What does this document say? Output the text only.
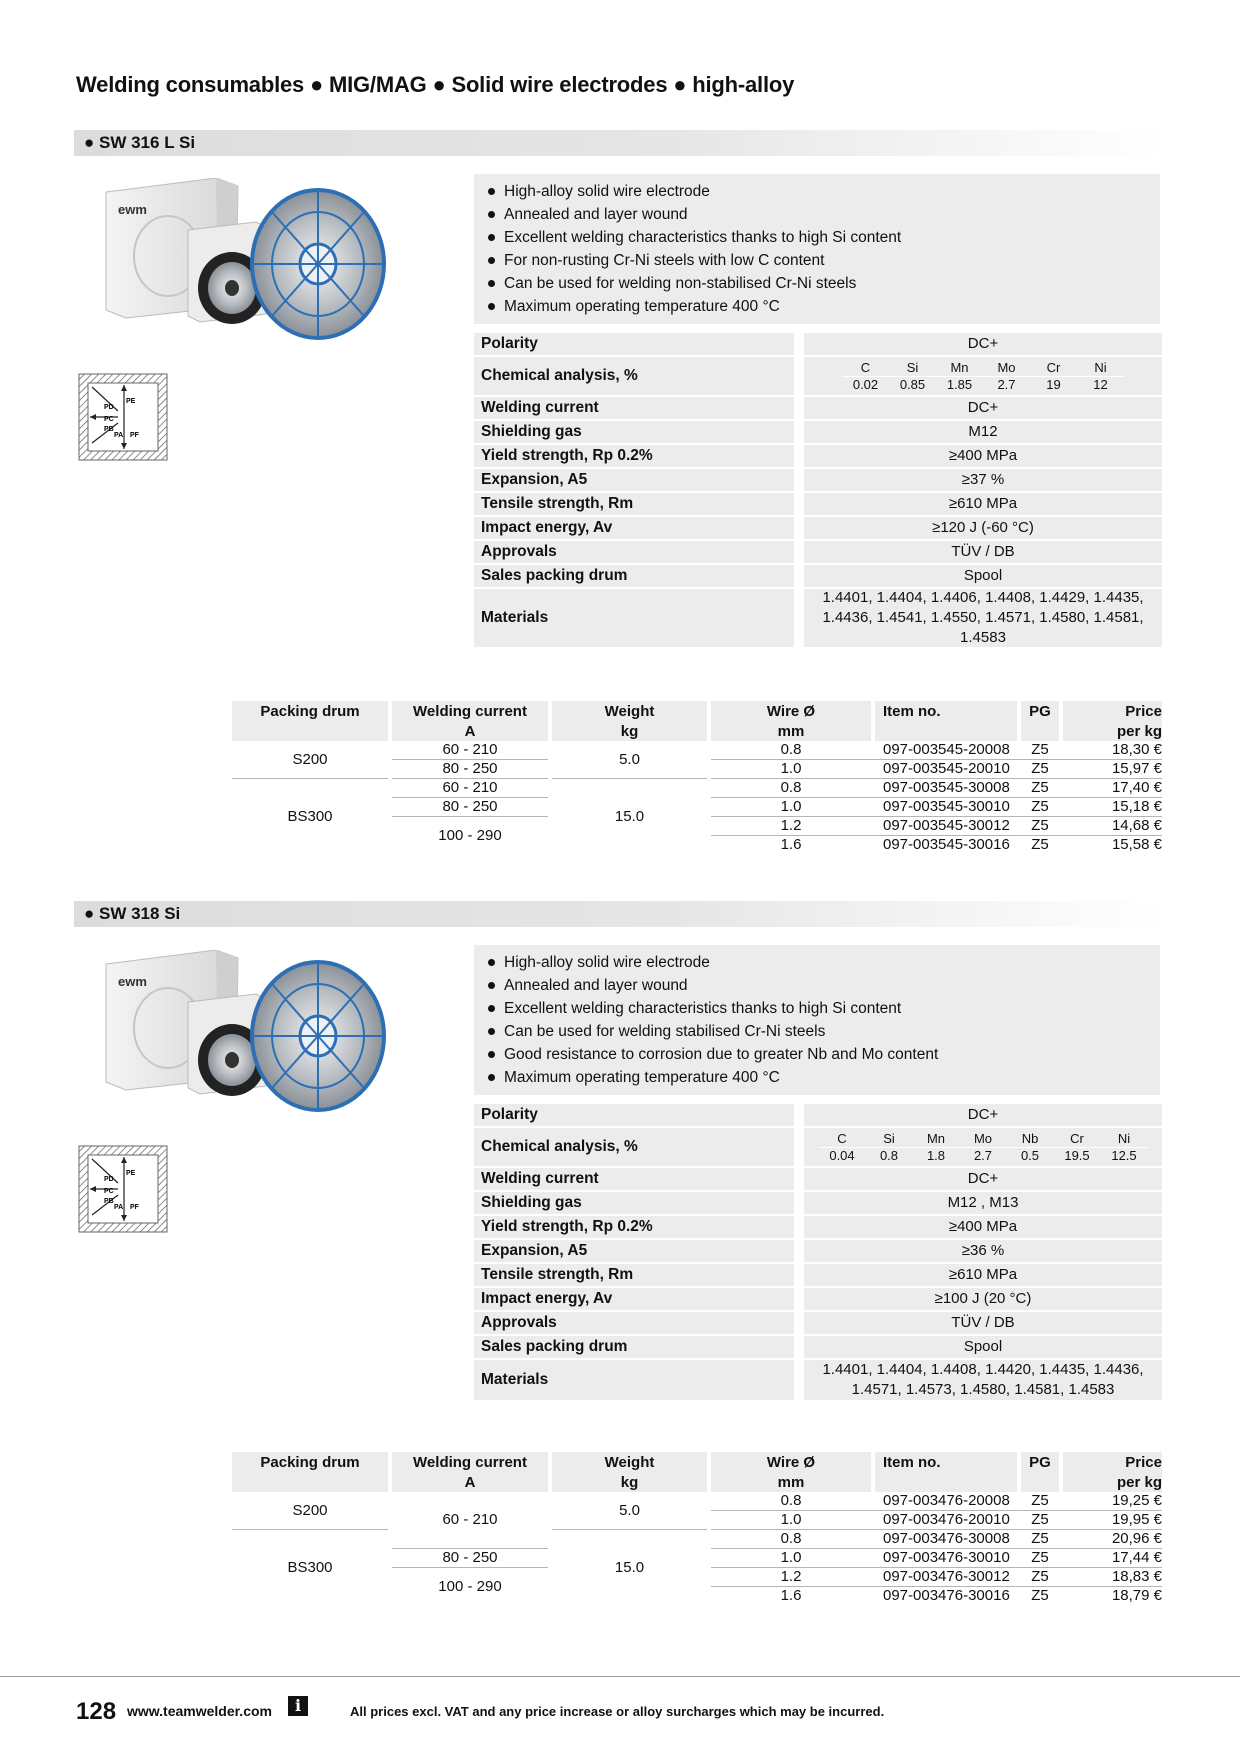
Welding consumables ● MIG/MAG ● Solid wire electrodes ● high-alloy
● SW 316 L Si
ewm
PE
PD
PC
PB
PA PF
High-alloy solid wire electrode
Annealed and layer wound
Excellent welding characteristics thanks to high Si content
For non-rusting Cr-Ni steels with low C content
Can be used for welding non-stabilised Cr-Ni steels
Maximum operating temperature 400 °C
Polarity	DC+
Chemical analysis, %	C	Si	Mn	Mo	Cr	Ni
0.02	0.85	1.85	2.7	19	12
Welding current	DC+
Shielding gas	M12
Yield strength, Rp 0.2%	≥400 MPa
Expansion, A5	≥37 %
Tensile strength, Rm	≥610 MPa
Impact energy, Av	≥120 J (-60 °C)
Approvals	TÜV / DB
Sales packing drum	Spool
Materials
1.4401, 1.4404, 1.4406, 1.4408, 1.4429, 1.4435,
1.4436, 1.4541, 1.4550, 1.4571, 1.4580, 1.4581,
1.4583
Packing drum		Welding current		Weight		Wire Ø		Item no.		PG		Price
		A		kg		mm						per kg
S200		60 - 210		5.0		0.8		097-003545-20008		Z5		18,30 €
		80 - 250				1.0		097-003545-20010		Z5		15,97 €
BS300		60 - 210		15.0		0.8		097-003545-30008		Z5		17,40 €
		80 - 250				1.0		097-003545-30010		Z5		15,18 €
		100 - 290				1.2		097-003545-30012		Z5		14,68 €
						1.6		097-003545-30016		Z5		15,58 €
● SW 318 Si
ewm
PE
PD
PC
PB
PA PF
High-alloy solid wire electrode
Annealed and layer wound
Excellent welding characteristics thanks to high Si content
Can be used for welding stabilised Cr-Ni steels
Good resistance to corrosion due to greater Nb and Mo content
Maximum operating temperature 400 °C
Polarity	DC+
Chemical analysis, %	C	Si	Mn	Mo	Nb	Cr	Ni
0.04	0.8	1.8	2.7	0.5	19.5	12.5
Welding current	DC+
Shielding gas	M12 , M13
Yield strength, Rp 0.2%	≥400 MPa
Expansion, A5	≥36 %
Tensile strength, Rm	≥610 MPa
Impact energy, Av	≥100 J (20 °C)
Approvals	TÜV / DB
Sales packing drum	Spool
Materials
1.4401, 1.4404, 1.4408, 1.4420, 1.4435, 1.4436,
1.4571, 1.4573, 1.4580, 1.4581, 1.4583
Packing drum		Welding current		Weight		Wire Ø		Item no.		PG		Price
		A		kg		mm						per kg
S200		60 - 210		5.0		0.8		097-003476-20008		Z5		19,25 €
						1.0		097-003476-20010		Z5		19,95 €
BS300				15.0		0.8		097-003476-30008		Z5		20,96 €
		80 - 250				1.0		097-003476-30010		Z5		17,44 €
		100 - 290				1.2		097-003476-30012		Z5		18,83 €
						1.6		097-003476-30016		Z5		18,79 €
128 www.teamwelder.com	i	All prices excl. VAT and any price increase or alloy surcharges which may be incurred.
